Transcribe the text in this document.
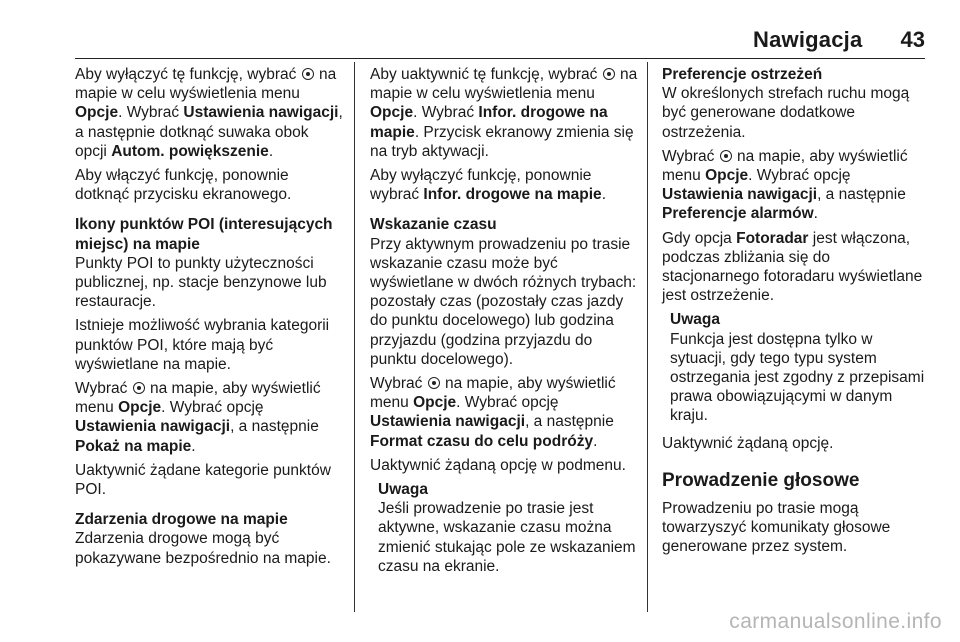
Nawigacja 43

Aby wyłączyć tę funkcję, wybrać  na mapie w celu wyświetlenia menu Opcje. Wybrać Ustawienia nawigacji, a następnie dotknąć suwaka obok opcji Autom. powiększenie.

Aby włączyć funkcję, ponownie dotknąć przycisku ekranowego.

Ikony punktów POI (interesujących miejsc) na mapie

Punkty POI to punkty użyteczności publicznej, np. stacje benzynowe lub restauracje.

Istnieje możliwość wybrania kategorii punktów POI, które mają być wyświetlane na mapie.

Wybrać  na mapie, aby wyświetlić menu Opcje. Wybrać opcję Ustawienia nawigacji, a następnie Pokaż na mapie.

Uaktywnić żądane kategorie punktów POI.

Zdarzenia drogowe na mapie

Zdarzenia drogowe mogą być pokazywane bezpośrednio na mapie.

Aby uaktywnić tę funkcję, wybrać  na mapie w celu wyświetlenia menu Opcje. Wybrać Infor. drogowe na mapie. Przycisk ekranowy zmienia się na tryb aktywacji.

Aby wyłączyć funkcję, ponownie wybrać Infor. drogowe na mapie.

Wskazanie czasu

Przy aktywnym prowadzeniu po trasie wskazanie czasu może być wyświetlane w dwóch różnych trybach: pozostały czas (pozostały czas jazdy do punktu docelowego) lub godzina przyjazdu (godzina przyjazdu do punktu docelowego).

Wybrać  na mapie, aby wyświetlić menu Opcje. Wybrać opcję Ustawienia nawigacji, a następnie Format czasu do celu podróży.

Uaktywnić żądaną opcję w podmenu.

Uwaga

Jeśli prowadzenie po trasie jest aktywne, wskazanie czasu można zmienić stukając pole ze wskazaniem czasu na ekranie.

Preferencje ostrzeżeń

W określonych strefach ruchu mogą być generowane dodatkowe ostrzeżenia.

Wybrać  na mapie, aby wyświetlić menu Opcje. Wybrać opcję Ustawienia nawigacji, a następnie Preferencje alarmów.

Gdy opcja Fotoradar jest włączona, podczas zbliżania się do stacjonarnego fotoradaru wyświetlane jest ostrzeżenie.

Uwaga

Funkcja jest dostępna tylko w sytuacji, gdy tego typu system ostrzegania jest zgodny z przepisami prawa obowiązującymi w danym kraju.

Uaktywnić żądaną opcję.

Prowadzenie głosowe

Prowadzeniu po trasie mogą towarzyszyć komunikaty głosowe generowane przez system.

carmanualsonline.info
